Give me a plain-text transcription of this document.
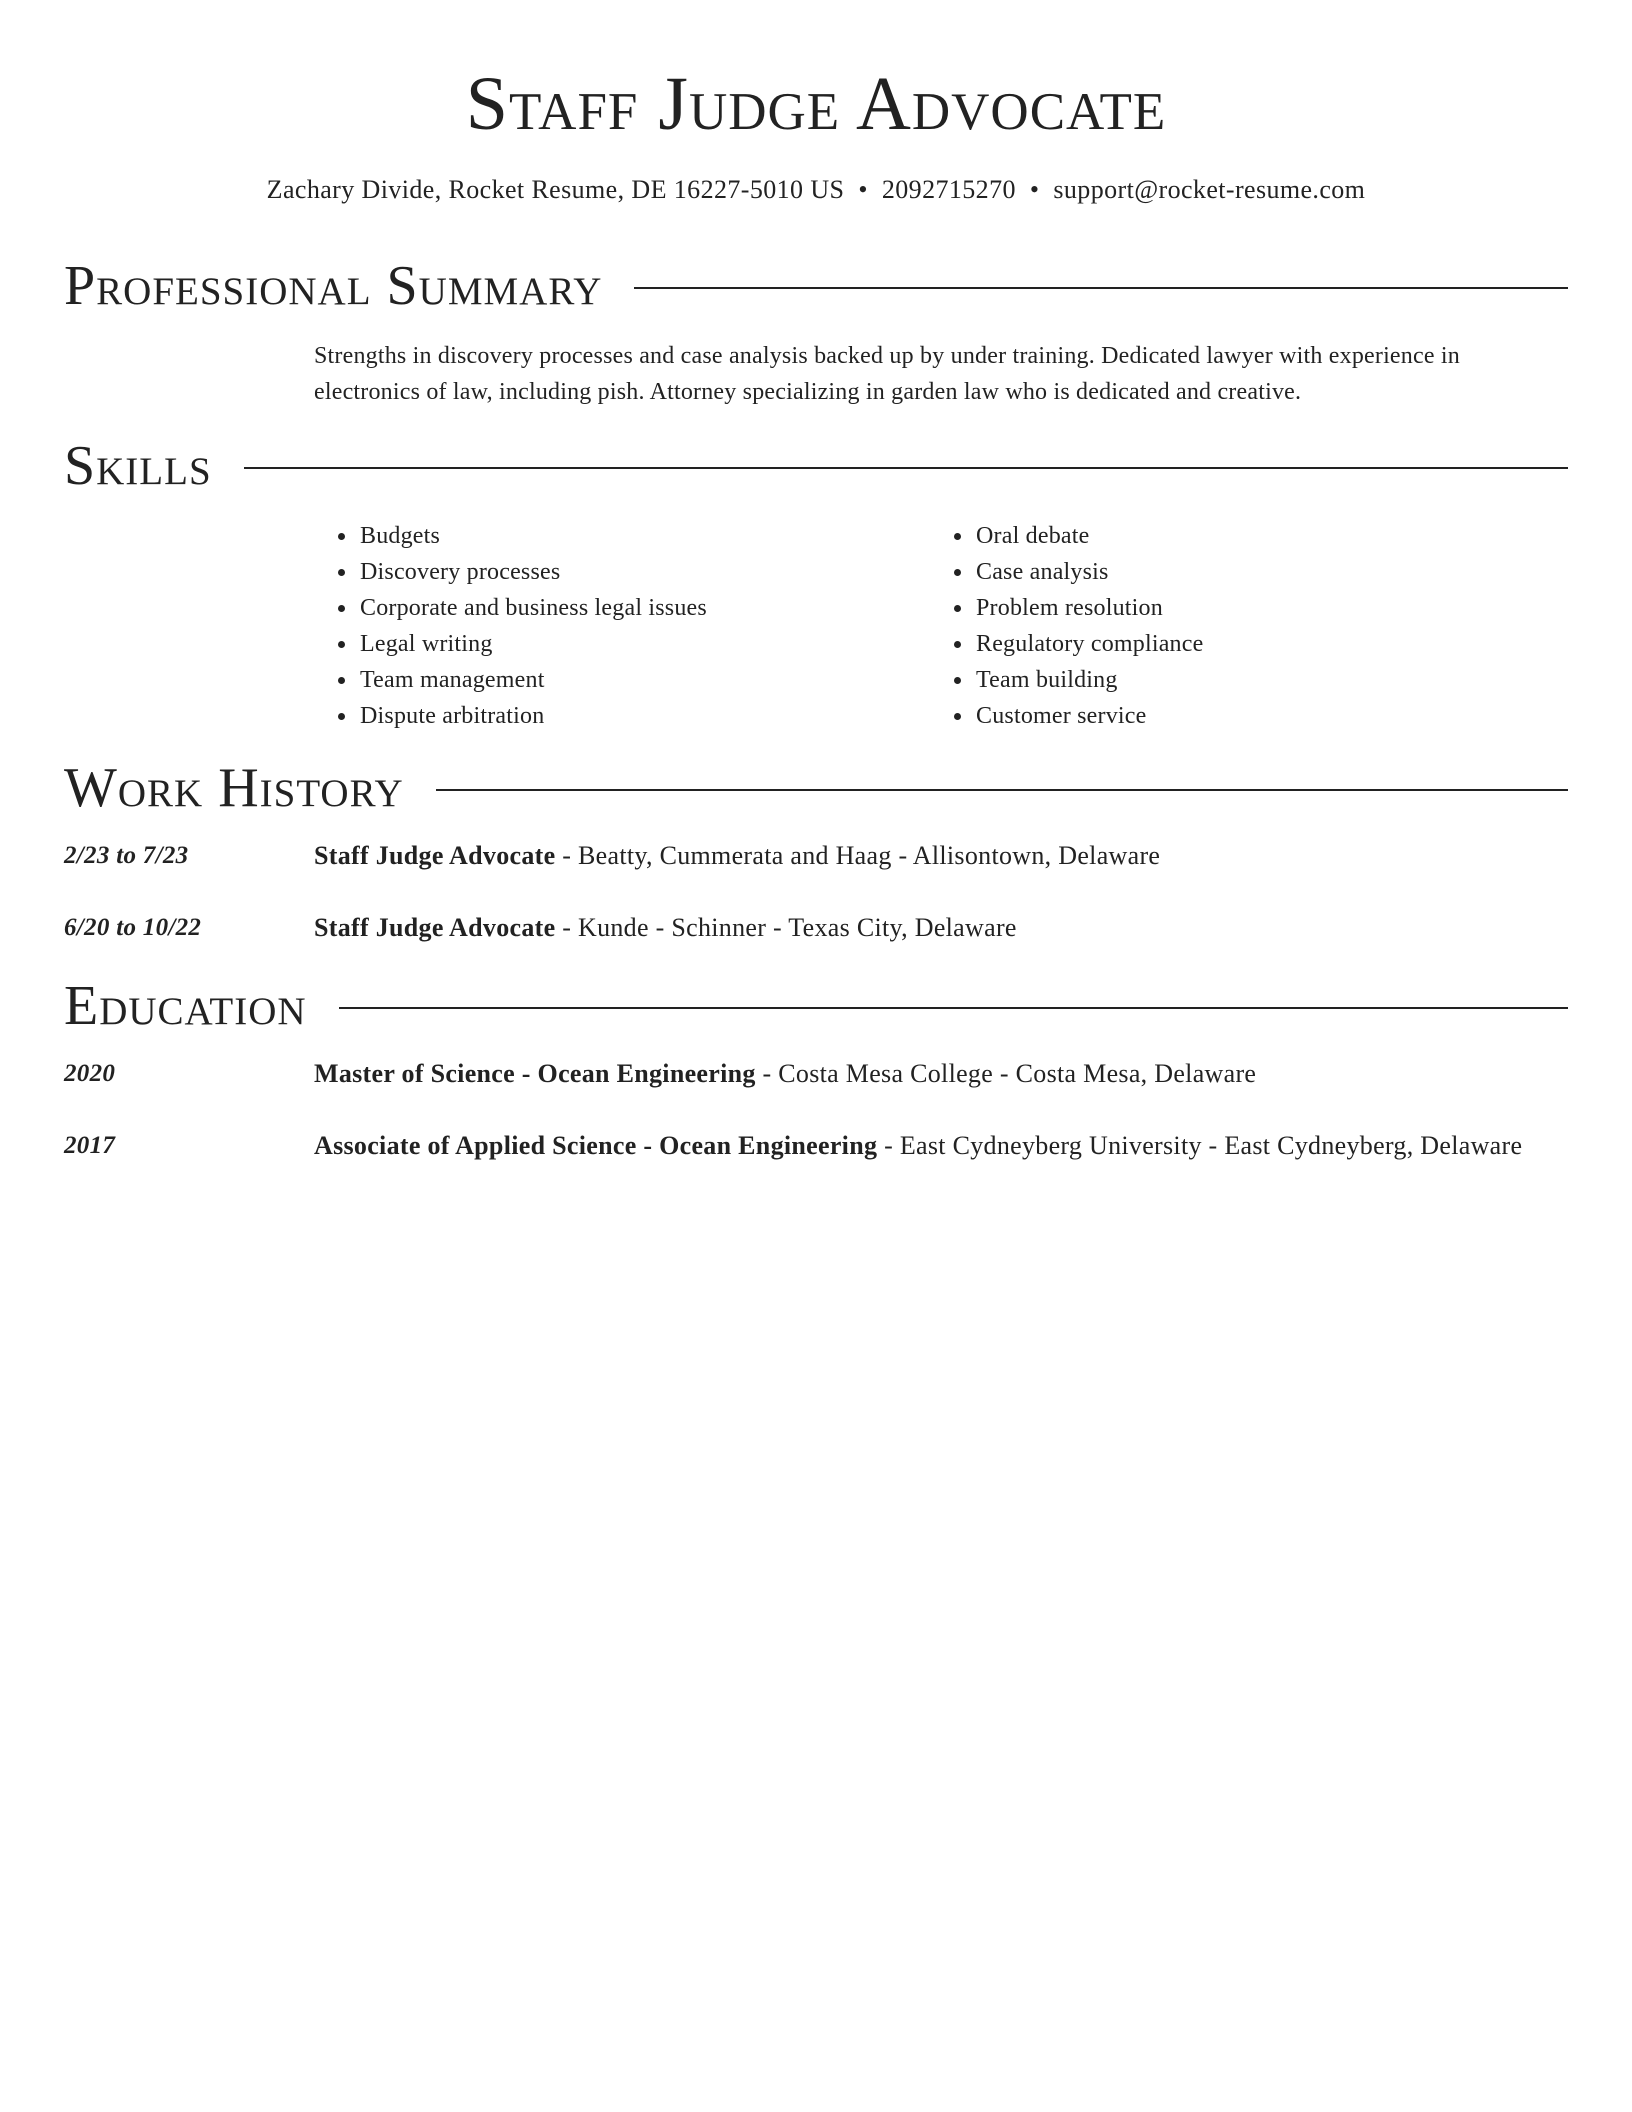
Staff Judge Advocate
Zachary Divide, Rocket Resume, DE 16227-5010 US • 2092715270 • support@rocket-resume.com
Professional Summary

Strengths in discovery processes and case analysis backed up by under training. Dedicated lawyer with experience in electronics of law, including pish. Attorney specializing in garden law who is dedicated and creative.

Skills
• Budgets
• Discovery processes
• Corporate and business legal issues
• Legal writing
• Team management
• Dispute arbitration
• Oral debate
• Case analysis
• Problem resolution
• Regulatory compliance
• Team building
• Customer service
Work History
2/23 to 7/23	Staff Judge Advocate - Beatty, Cummerata and Haag - Allisontown, Delaware
6/20 to 10/22	Staff Judge Advocate - Kunde - Schinner - Texas City, Delaware
Education
2020	Master of Science - Ocean Engineering - Costa Mesa College - Costa Mesa, Delaware
2017	Associate of Applied Science - Ocean Engineering - East Cydneyberg University - East Cydneyberg, Delaware
